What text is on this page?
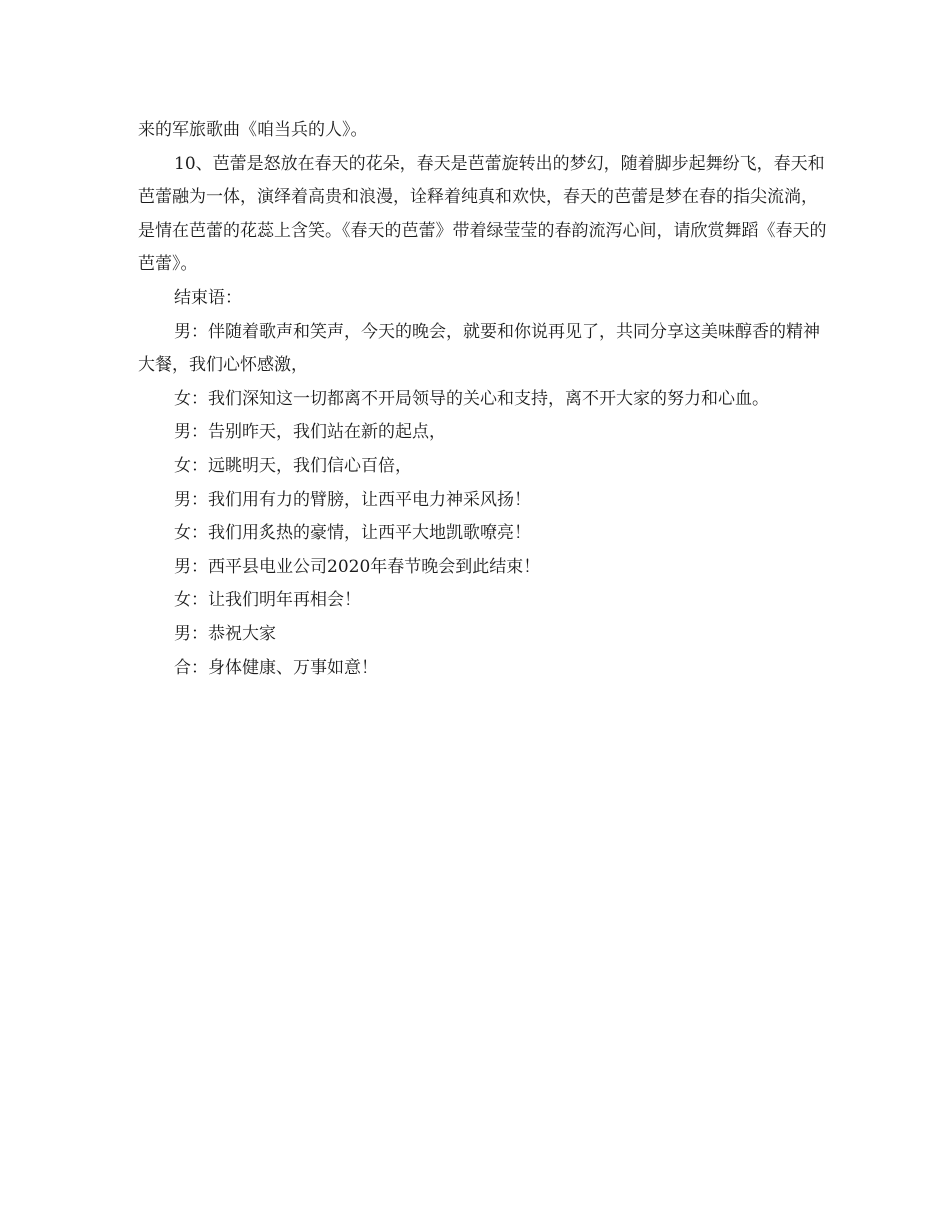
来的军旅歌曲《咱当兵的人》。

10、芭蕾是怒放在春天的花朵，春天是芭蕾旋转出的梦幻，随着脚步起舞纷飞，春天和芭蕾融为一体，演绎着高贵和浪漫，诠释着纯真和欢快，春天的芭蕾是梦在春的指尖流淌，是情在芭蕾的花蕊上含笑。《春天的芭蕾》带着绿莹莹的春韵流泻心间，请欣赏舞蹈《春天的芭蕾》。

结束语：

男：伴随着歌声和笑声，今天的晚会，就要和你说再见了，共同分享这美味醇香的精神大餐，我们心怀感激，

女：我们深知这一切都离不开局领导的关心和支持，离不开大家的努力和心血。

男：告别昨天，我们站在新的起点，

女：远眺明天，我们信心百倍，

男：我们用有力的臂膀，让西平电力神采风扬！

女：我们用炙热的豪情，让西平大地凯歌嘹亮！

男：西平县电业公司2020年春节晚会到此结束！

女：让我们明年再相会！

男：恭祝大家

合：身体健康、万事如意！
